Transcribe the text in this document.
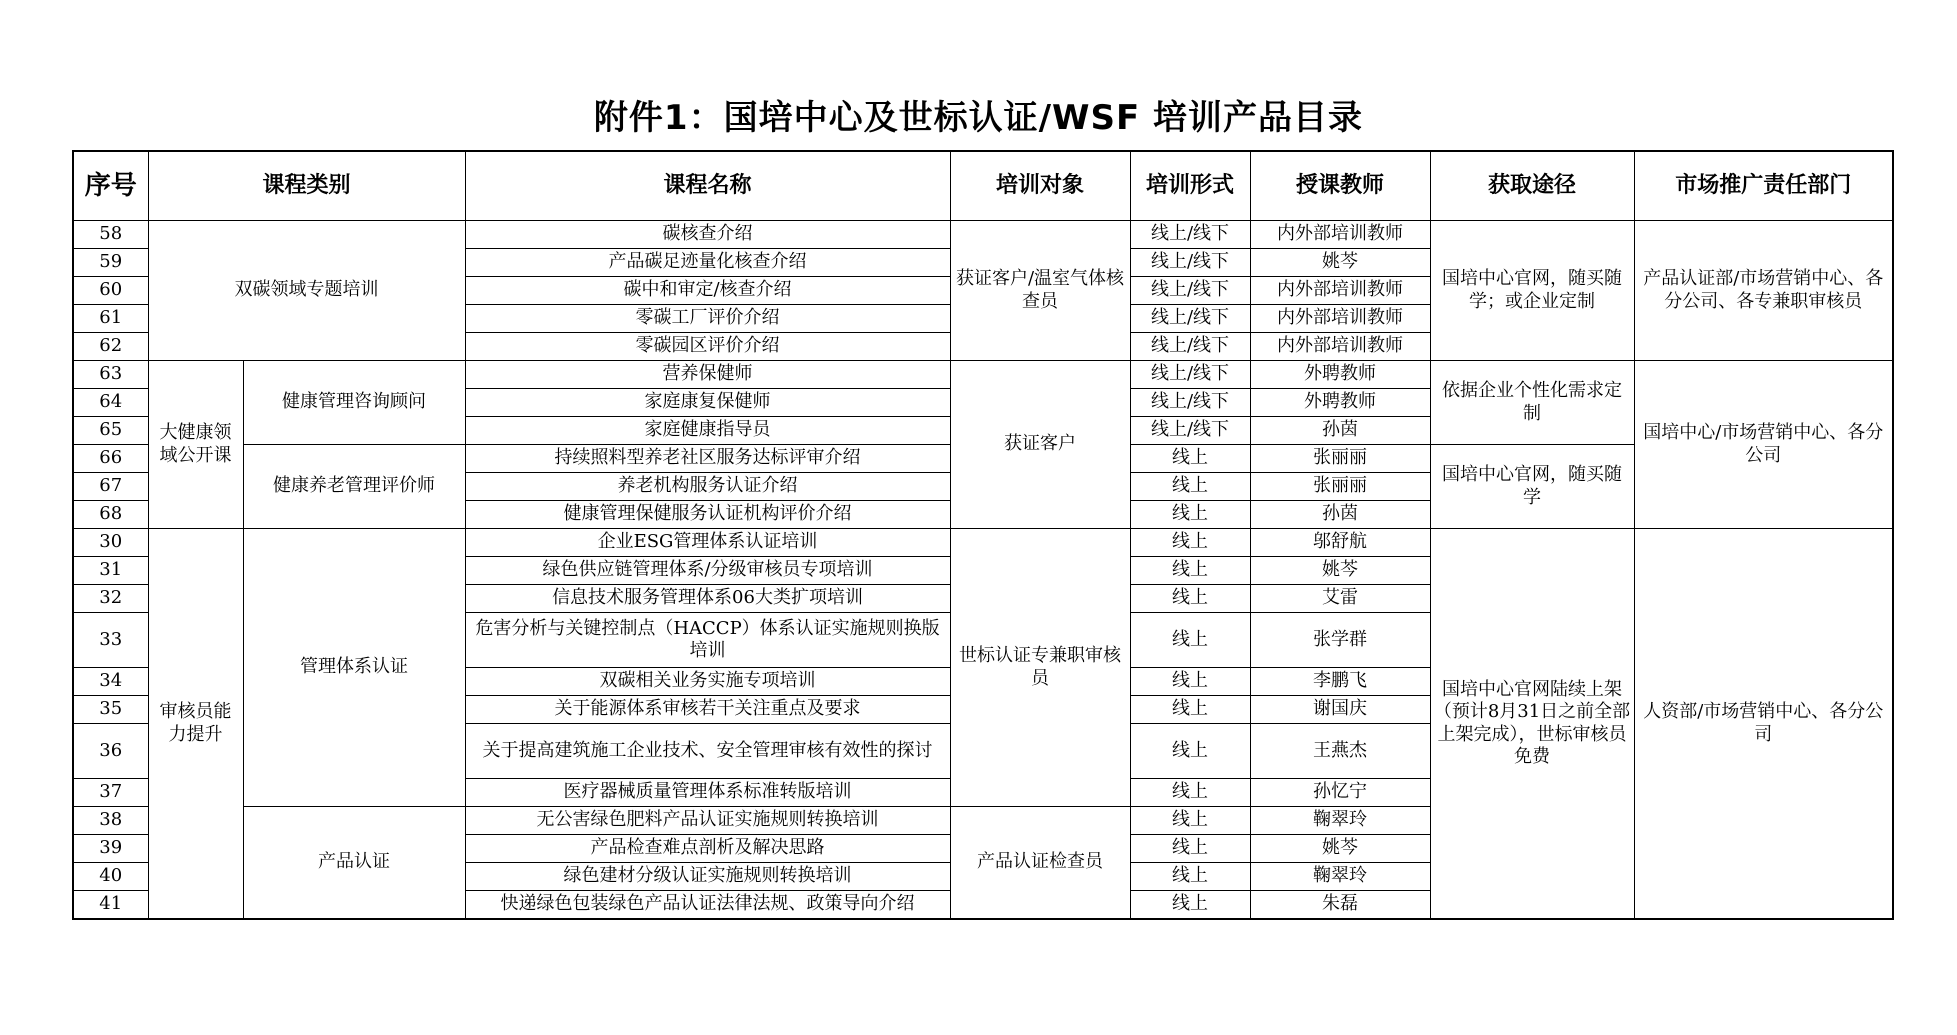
附件1：国培中心及世标认证/WSF 培训产品目录
序号	课程类别		课程名称	培训对象	培训形式	授课教师	获取途径	市场推广责任部门
58	双碳领域专题培训		碳核查介绍	获证客户/温室气体核查员	线上/线下	内外部培训教师	国培中心官网，随买随学；或企业定制	产品认证部/市场营销中心、各分公司、各专兼职审核员
59			产品碳足迹量化核查介绍		线上/线下	姚芩		
60			碳中和审定/核查介绍		线上/线下	内外部培训教师		
61			零碳工厂评价介绍		线上/线下	内外部培训教师		
62			零碳园区评价介绍		线上/线下	内外部培训教师		
63	大健康领域公开课	健康管理咨询顾问	营养保健师	获证客户	线上/线下	外聘教师	依据企业个性化需求定制	国培中心/市场营销中心、各分公司
64			家庭康复保健师		线上/线下	外聘教师		
65			家庭健康指导员		线上/线下	孙茵		
66		健康养老管理评价师	持续照料型养老社区服务达标评审介绍		线上	张丽丽	国培中心官网，随买随学	
67			养老机构服务认证介绍		线上	张丽丽		
68			健康管理保健服务认证机构评价介绍		线上	孙茵		
30	审核员能力提升	管理体系认证	企业ESG管理体系认证培训	世标认证专兼职审核员	线上	邬舒航	国培中心官网陆续上架（预计8月31日之前全部上架完成），世标审核员免费	人资部/市场营销中心、各分公司
31			绿色供应链管理体系/分级审核员专项培训		线上	姚芩		
32			信息技术服务管理体系06大类扩项培训		线上	艾雷		
33			危害分析与关键控制点（HACCP）体系认证实施规则换版培训		线上	张学群		
34			双碳相关业务实施专项培训		线上	李鹏飞		
35			关于能源体系审核若干关注重点及要求		线上	谢国庆		
36			关于提高建筑施工企业技术、安全管理审核有效性的探讨		线上	王燕杰		
37			医疗器械质量管理体系标准转版培训		线上	孙忆宁		
38		产品认证	无公害绿色肥料产品认证实施规则转换培训	产品认证检查员	线上	鞠翠玲		
39			产品检查难点剖析及解决思路		线上	姚芩		
40			绿色建材分级认证实施规则转换培训		线上	鞠翠玲		
41			快递绿色包装绿色产品认证法律法规、政策导向介绍		线上	朱磊		
